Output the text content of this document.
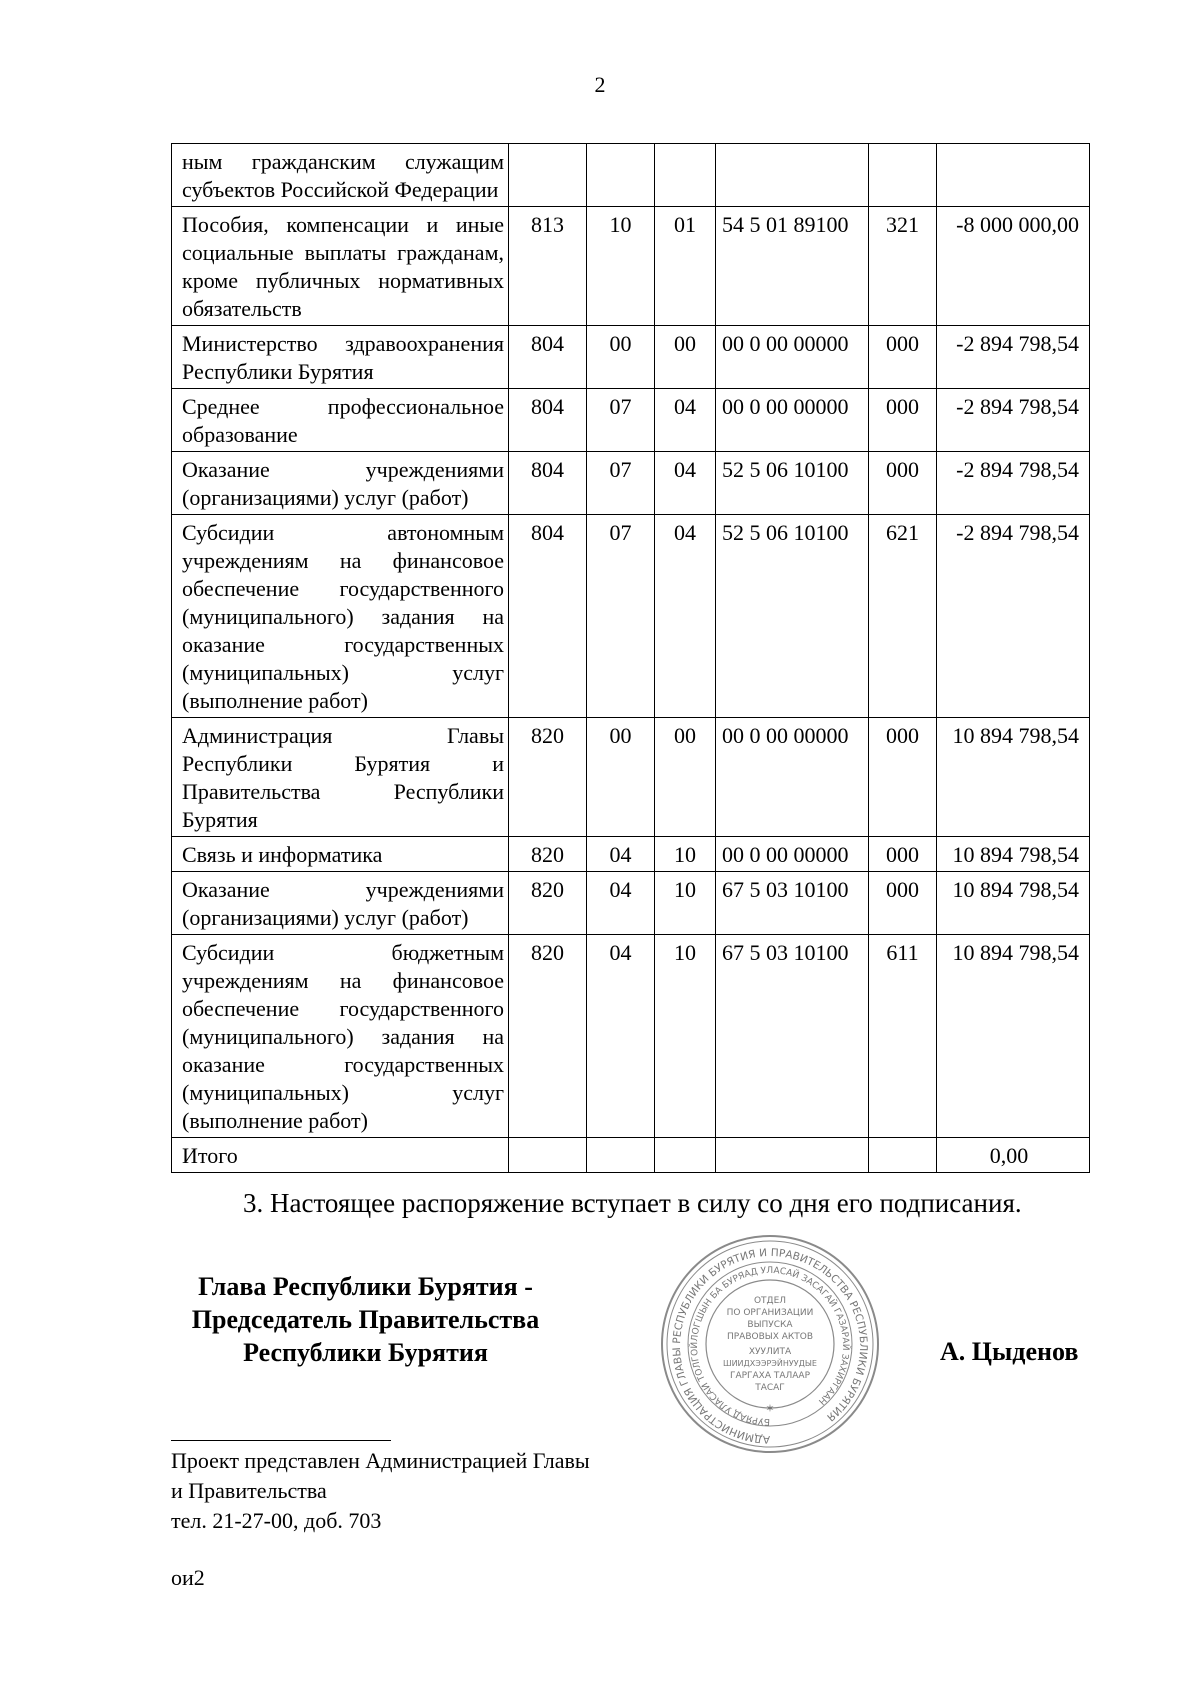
2
ным гражданским служащим субъектов Российской Федерации						
Пособия, компенсации и иные социальные выплаты гражданам, кроме публичных нормативных обязательств	813	10	01	54 5 01 89100	321	-8 000 000,00
Министерство здравоохранения Республики Бурятия	804	00	00	00 0 00 00000	000	-2 894 798,54
Среднее профессиональное образование	804	07	04	00 0 00 00000	000	-2 894 798,54
Оказание учреждениями (организациями) услуг (работ)	804	07	04	52 5 06 10100	000	-2 894 798,54
Субсидии автономным учреждениям на финансовое обеспечение государственного (муниципального) задания на оказание государственных (муниципальных) услуг (выполнение работ)	804	07	04	52 5 06 10100	621	-2 894 798,54
Администрация Главы Республики Бурятия и Правительства Республики Бурятия	820	00	00	00 0 00 00000	000	10 894 798,54
Связь и информатика	820	04	10	00 0 00 00000	000	10 894 798,54
Оказание учреждениями (организациями) услуг (работ)	820	04	10	67 5 03 10100	000	10 894 798,54
Субсидии бюджетным учреждениям на финансовое обеспечение государственного (муниципального) задания на оказание государственных (муниципальных) услуг (выполнение работ)	820	04	10	67 5 03 10100	611	10 894 798,54
Итого						0,00
3. Настоящее распоряжение вступает в силу со дня его подписания.
Глава Республики Бурятия -
Председатель Правительства
Республики Бурятия
АДМИНИСТРАЦИЯ ГЛАВЫ РЕСПУБЛИКИ БУРЯТИЯ И ПРАВИТЕЛЬСТВА РЕСПУБЛИКИ БУРЯТИЯ
БУРЯАД УЛАСАЙ ТОЛГОЙЛОГШЫН БА БУРЯАД УЛАСАЙ ЗАСАГАЙ ГАЗАРАЙ ЗАХИРГААН
ОТДЕЛ
ПО ОРГАНИЗАЦИИ
ВЫПУСКА
ПРАВОВЫХ АКТОВ
ХУУЛИТА
ШИИДХЭЭРЭЙНУУДЫЕ
ГАРГАХА ТАЛААР
ТАСАГ
✶
А. Цыденов
Проект представлен Администрацией Главы
и Правительства
тел. 21-27-00, доб. 703
ои2
